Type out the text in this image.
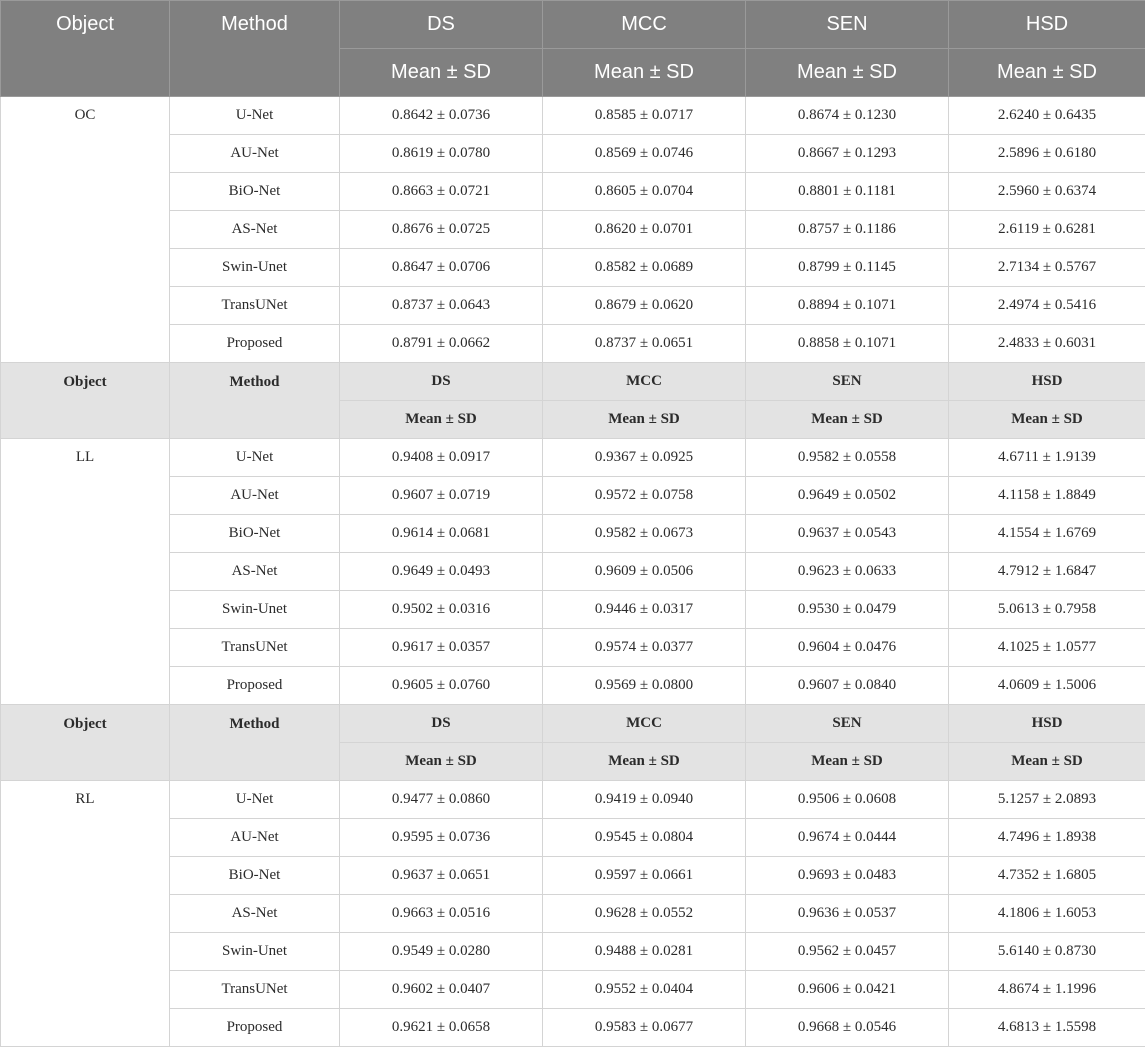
Object	Method	DS	MCC	SEN	HSD
		Mean ± SD	Mean ± SD	Mean ± SD	Mean ± SD
OC	U-Net	0.8642 ± 0.0736	0.8585 ± 0.0717	0.8674 ± 0.1230	2.6240 ± 0.6435
	AU-Net	0.8619 ± 0.0780	0.8569 ± 0.0746	0.8667 ± 0.1293	2.5896 ± 0.6180
	BiO-Net	0.8663 ± 0.0721	0.8605 ± 0.0704	0.8801 ± 0.1181	2.5960 ± 0.6374
	AS-Net	0.8676 ± 0.0725	0.8620 ± 0.0701	0.8757 ± 0.1186	2.6119 ± 0.6281
	Swin-Unet	0.8647 ± 0.0706	0.8582 ± 0.0689	0.8799 ± 0.1145	2.7134 ± 0.5767
	TransUNet	0.8737 ± 0.0643	0.8679 ± 0.0620	0.8894 ± 0.1071	2.4974 ± 0.5416
	Proposed	0.8791 ± 0.0662	0.8737 ± 0.0651	0.8858 ± 0.1071	2.4833 ± 0.6031
Object	Method	DS	MCC	SEN	HSD
		Mean ± SD	Mean ± SD	Mean ± SD	Mean ± SD
LL	U-Net	0.9408 ± 0.0917	0.9367 ± 0.0925	0.9582 ± 0.0558	4.6711 ± 1.9139
	AU-Net	0.9607 ± 0.0719	0.9572 ± 0.0758	0.9649 ± 0.0502	4.1158 ± 1.8849
	BiO-Net	0.9614 ± 0.0681	0.9582 ± 0.0673	0.9637 ± 0.0543	4.1554 ± 1.6769
	AS-Net	0.9649 ± 0.0493	0.9609 ± 0.0506	0.9623 ± 0.0633	4.7912 ± 1.6847
	Swin-Unet	0.9502 ± 0.0316	0.9446 ± 0.0317	0.9530 ± 0.0479	5.0613 ± 0.7958
	TransUNet	0.9617 ± 0.0357	0.9574 ± 0.0377	0.9604 ± 0.0476	4.1025 ± 1.0577
	Proposed	0.9605 ± 0.0760	0.9569 ± 0.0800	0.9607 ± 0.0840	4.0609 ± 1.5006
Object	Method	DS	MCC	SEN	HSD
		Mean ± SD	Mean ± SD	Mean ± SD	Mean ± SD
RL	U-Net	0.9477 ± 0.0860	0.9419 ± 0.0940	0.9506 ± 0.0608	5.1257 ± 2.0893
	AU-Net	0.9595 ± 0.0736	0.9545 ± 0.0804	0.9674 ± 0.0444	4.7496 ± 1.8938
	BiO-Net	0.9637 ± 0.0651	0.9597 ± 0.0661	0.9693 ± 0.0483	4.7352 ± 1.6805
	AS-Net	0.9663 ± 0.0516	0.9628 ± 0.0552	0.9636 ± 0.0537	4.1806 ± 1.6053
	Swin-Unet	0.9549 ± 0.0280	0.9488 ± 0.0281	0.9562 ± 0.0457	5.6140 ± 0.8730
	TransUNet	0.9602 ± 0.0407	0.9552 ± 0.0404	0.9606 ± 0.0421	4.8674 ± 1.1996
	Proposed	0.9621 ± 0.0658	0.9583 ± 0.0677	0.9668 ± 0.0546	4.6813 ± 1.5598
